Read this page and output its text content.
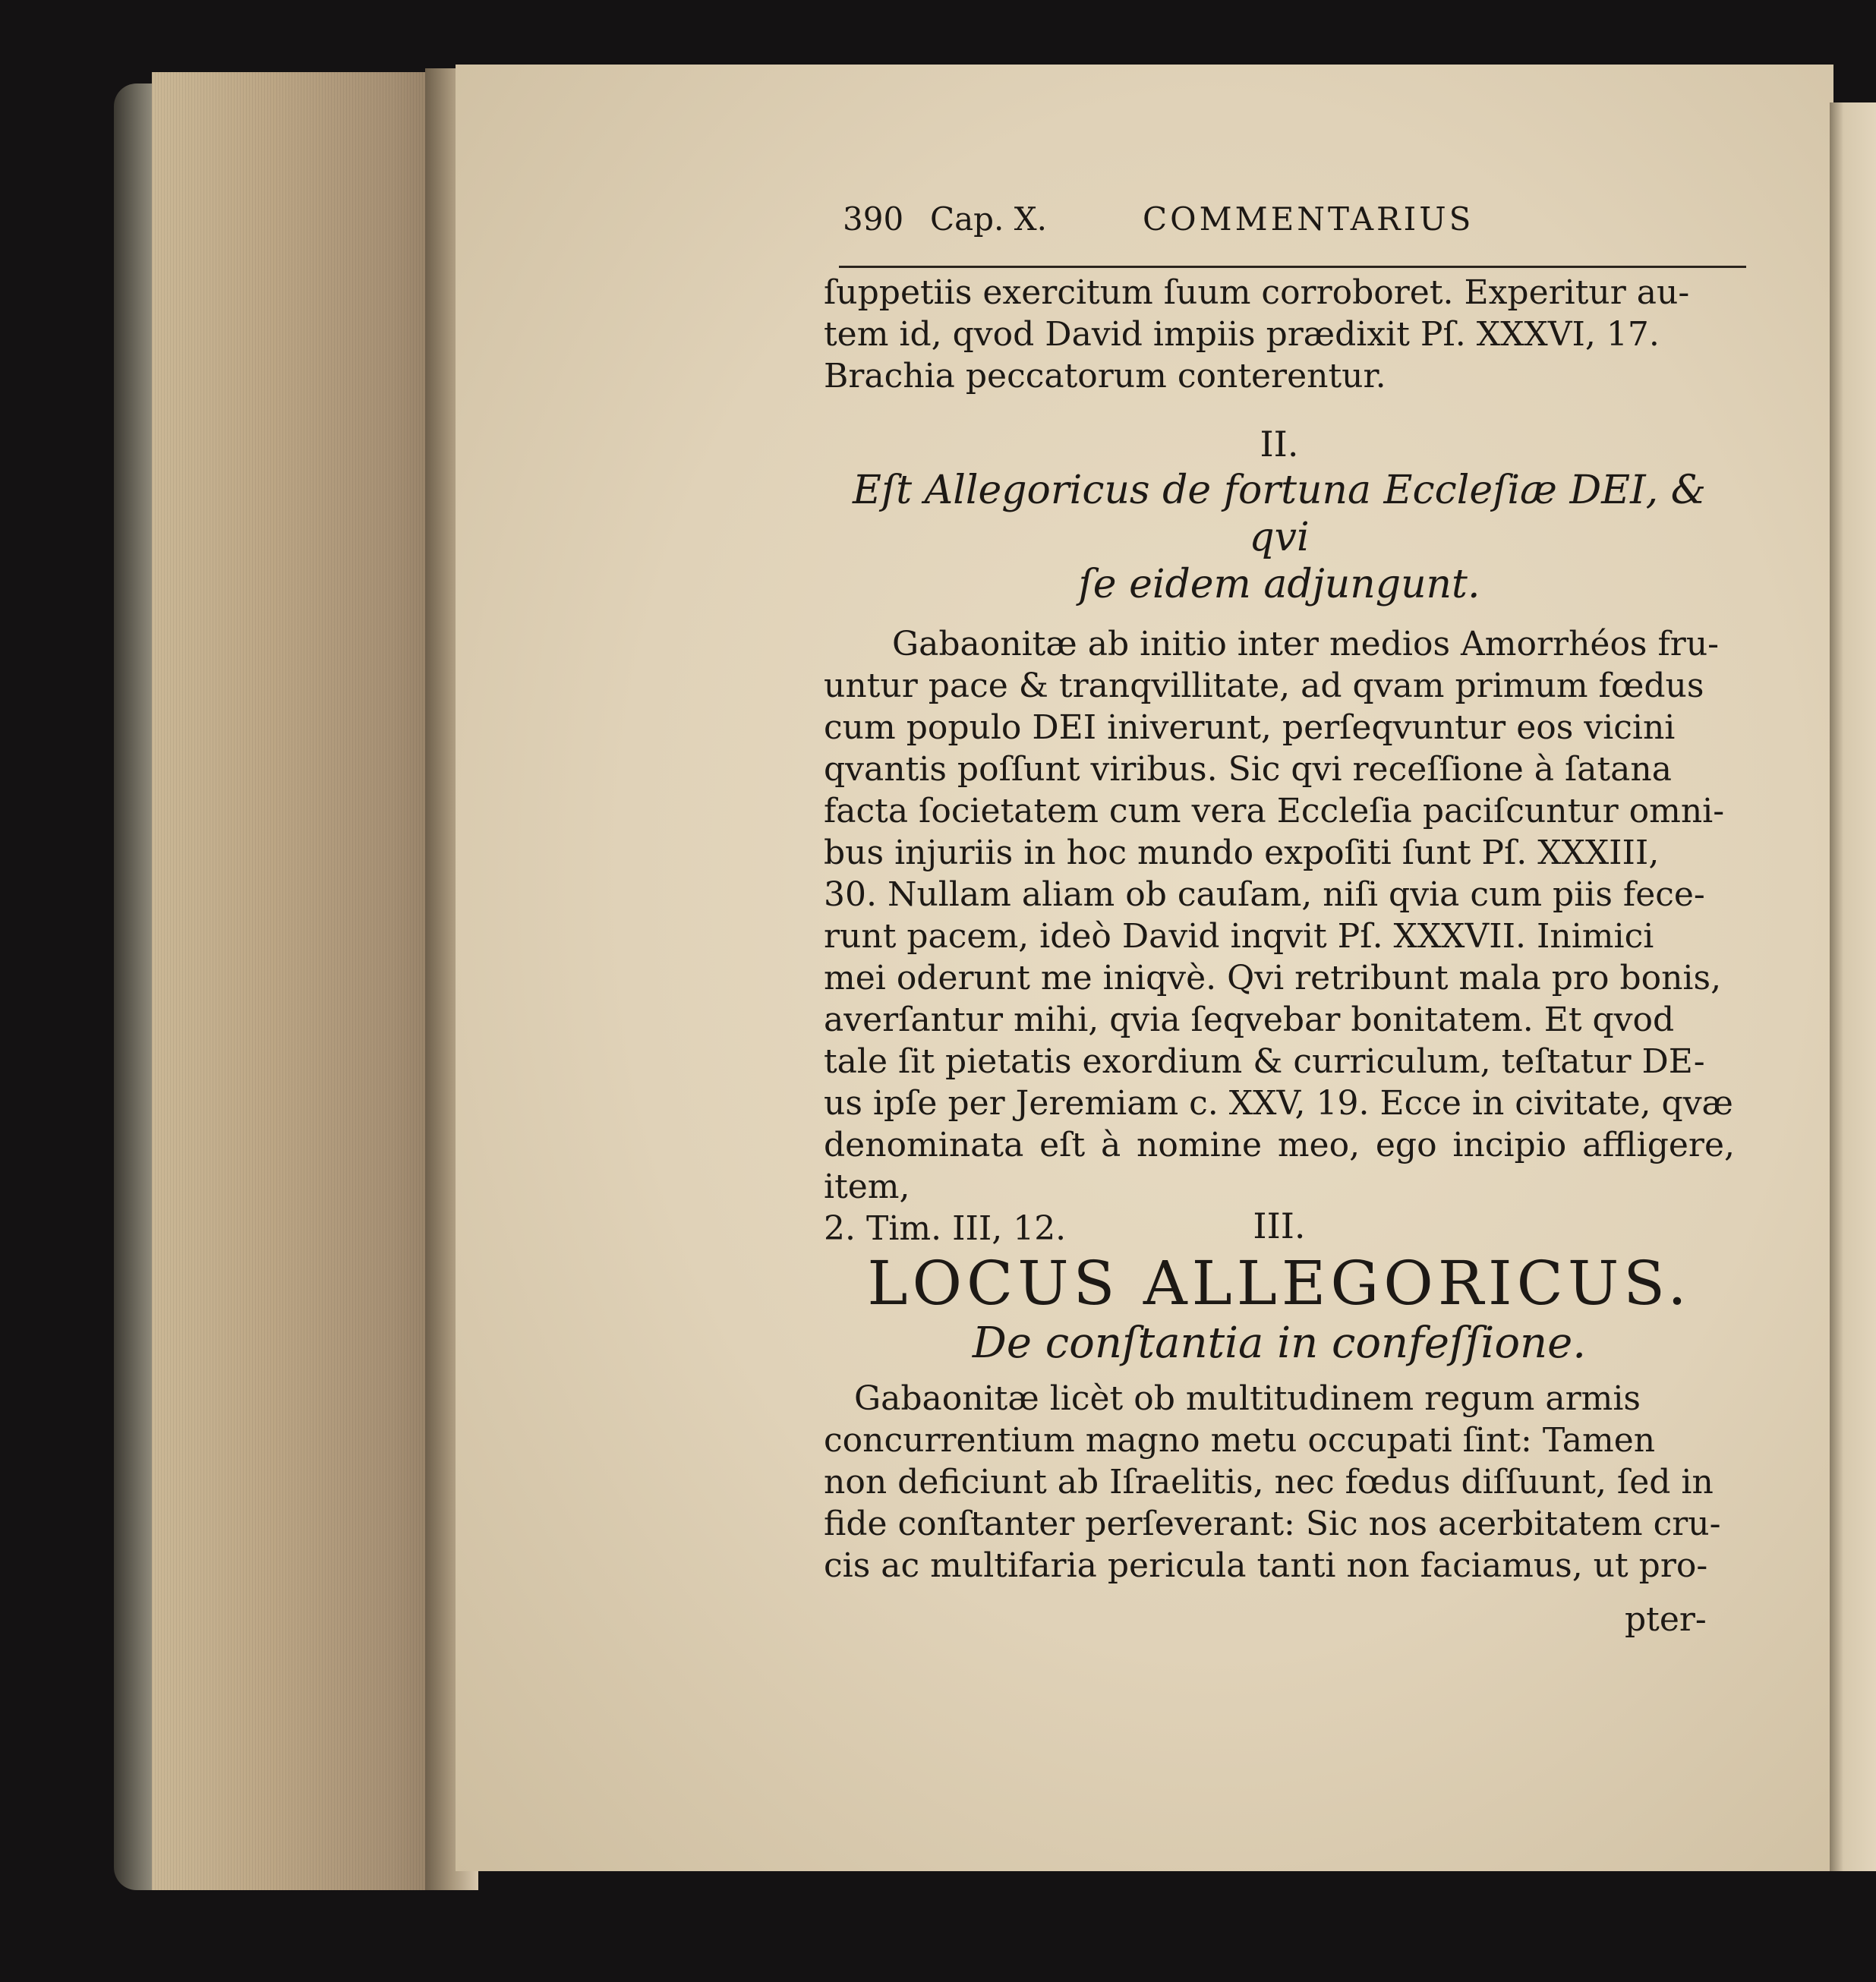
390 Cap. X.	COMMENTARIUS

ſuppetiis exercitum ſuum corroboret. Experitur au-

tem id, qvod David impiis prædixit Pſ. XXXVI, 17.

Brachia peccatorum conterentur.

II.
Eſt Allegoricus de fortuna Eccleſiæ DEI, & qvi
ſe eidem adjungunt.

Gabaonitæ ab initio inter medios Amorrhéos fru-

untur pace & tranqvillitate, ad qvam primum fœdus

cum populo DEI iniverunt, perſeqvuntur eos vicini

qvantis poſſunt viribus. Sic qvi receſſione à ſatana

facta ſocietatem cum vera Eccleſia paciſcuntur omni-

bus injuriis in hoc mundo expoſiti ſunt Pſ. XXXIII,

30. Nullam aliam ob cauſam, niſi qvia cum piis fece-

runt pacem, ideò David inqvit Pſ. XXXVII. Inimici

mei oderunt me iniqvè. Qvi retribunt mala pro bonis,

averſantur mihi, qvia ſeqvebar bonitatem. Et qvod

tale ſit pietatis exordium & curriculum, teſtatur DE-

us ipſe per Jeremiam c. XXV, 19. Ecce in civitate, qvæ

denominata eſt à nomine meo, ego incipio affligere, item,

2. Tim. III, 12.	III.
LOCUS ALLEGORICUS.
De conſtantia in confeſſione.

Gabaonitæ licèt ob multitudinem regum armis

concurrentium magno metu occupati ſint: Tamen

non deficiunt ab Iſraelitis, nec fœdus diſſuunt, ſed in

fide conſtanter perſeverant: Sic nos acerbitatem cru-

cis ac multifaria pericula tanti non faciamus, ut pro-

pter-
